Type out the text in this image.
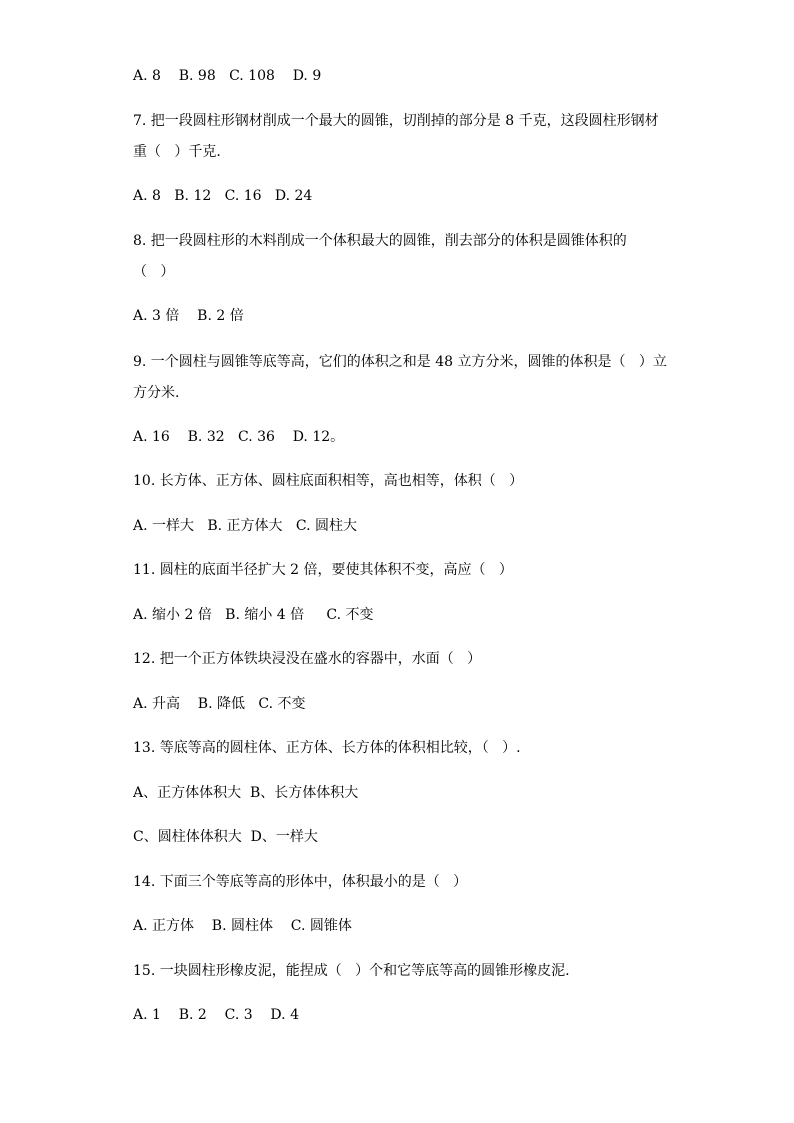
A. 8    B. 98   C. 108    D. 9
7. 把一段圆柱形钢材削成一个最大的圆锥，切削掉的部分是 8 千克，这段圆柱形钢材
重（   ）千克.
A. 8   B. 12   C. 16   D. 24
8. 把一段圆柱形的木料削成一个体积最大的圆锥，削去部分的体积是圆锥体积的
（   ）
A. 3 倍    B. 2 倍
9. 一个圆柱与圆锥等底等高，它们的体积之和是 48 立方分米，圆锥的体积是（   ）立
方分米.
A. 16    B. 32   C. 36    D. 12。
10. 长方体、正方体、圆柱底面积相等，高也相等，体积（   ）
A. 一样大   B. 正方体大   C. 圆柱大
11. 圆柱的底面半径扩大 2 倍，要使其体积不变，高应（   ）
A. 缩小 2 倍   B. 缩小 4 倍     C. 不变
12. 把一个正方体铁块浸没在盛水的容器中，水面（   ）
A. 升高    B. 降低   C. 不变
13. 等底等高的圆柱体、正方体、长方体的体积相比较，（   ）.
A、正方体体积大  B、长方体体积大
C、圆柱体体积大  D、一样大
14. 下面三个等底等高的形体中，体积最小的是（   ）
A. 正方体    B. 圆柱体    C. 圆锥体
15. 一块圆柱形橡皮泥，能捏成（   ）个和它等底等高的圆锥形橡皮泥.
A. 1    B. 2    C. 3    D. 4
